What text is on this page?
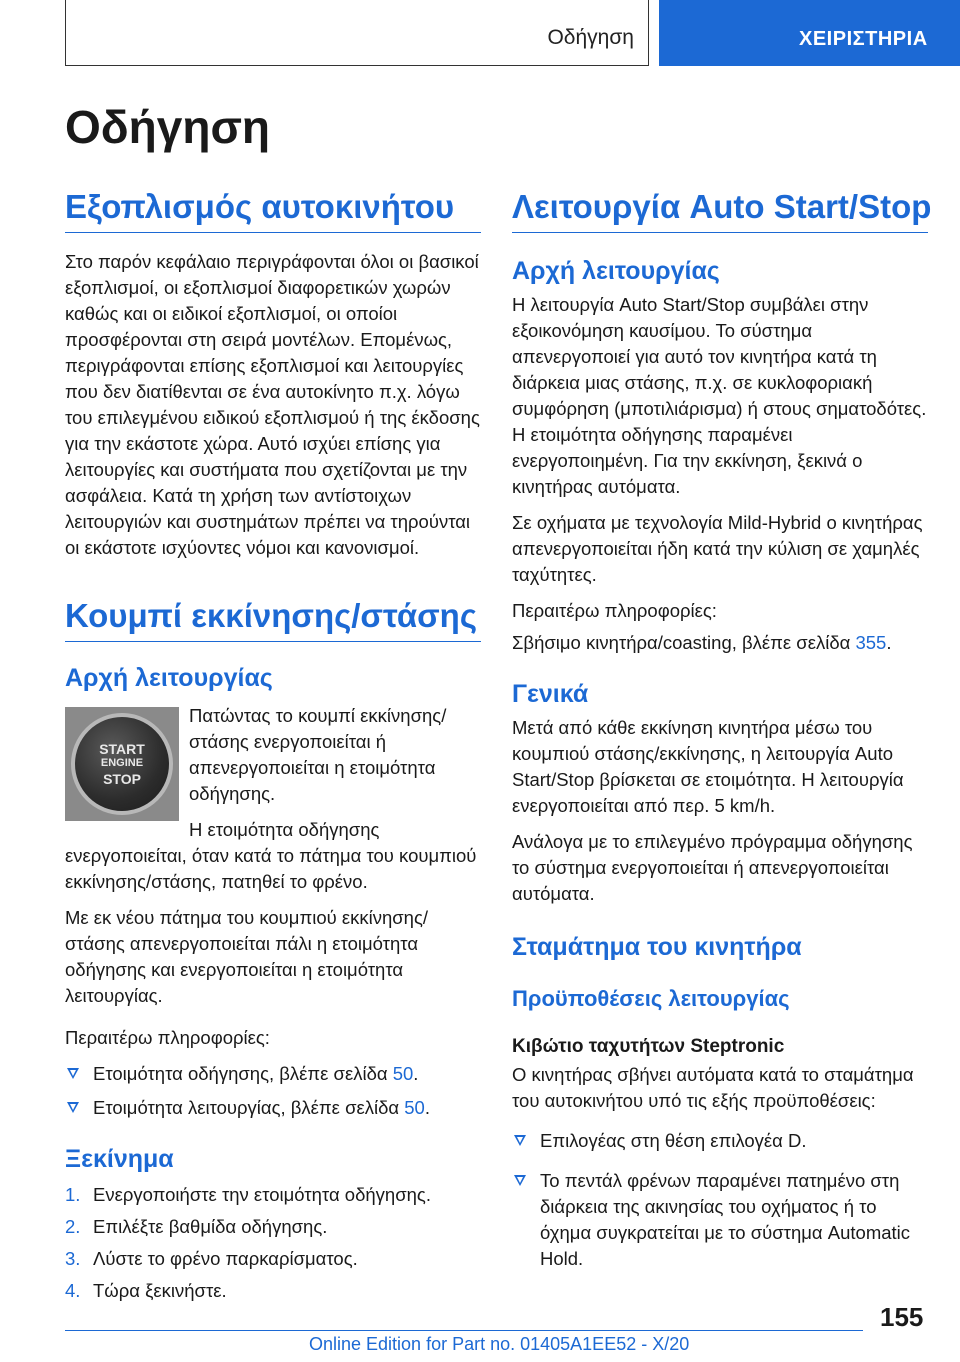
Οδήγηση	ΧΕΙΡΙΣΤΗΡΙΑ
Οδήγηση
Εξοπλισμός αυτοκινήτου

Στο παρόν κεφάλαιο περιγράφονται όλοι οι βασικοί εξοπλισμοί, οι εξοπλισμοί διαφορετικών χωρών καθώς και οι ειδικοί εξοπλισμοί, οι οποίοι προσφέρονται στη σειρά μοντέλων. Επομένως, περιγράφονται επίσης εξοπλισμοί και λειτουργίες που δεν διατίθενται σε ένα αυτοκίνητο π.χ. λόγω του επιλεγμένου ειδικού εξοπλισμού ή της έκδοσης για την εκάστοτε χώρα. Αυτό ισχύει επίσης για λειτουργίες και συστήματα που σχετίζονται με την ασφάλεια. Κατά τη χρήση των αντίστοιχων λειτουργιών και συστημάτων πρέπει να τηρούνται οι εκάστοτε ισχύοντες νόμοι και κανονισμοί.

Κουμπί εκκίνησης/στάσης
Αρχή λειτουργίας
START
ENGINE
STOP

Πατώντας το κουμπί εκκίνησης/στάσης ενεργοποιείται ή απενεργοποιείται η ετοιμότητα οδήγησης.

Η ετοιμότητα οδήγησης ενεργοποιείται, όταν κατά το πάτημα του κουμπιού εκκίνησης/στάσης, πατηθεί το φρένο.

Με εκ νέου πάτημα του κουμπιού εκκίνησης/στάσης απενεργοποιείται πάλι η ετοιμότητα οδήγησης και ενεργοποιείται η ετοιμότητα λειτουργίας.

Περαιτέρω πληροφορίες:

Ετοιμότητα οδήγησης, βλέπε σελίδα 50.
Ετοιμότητα λειτουργίας, βλέπε σελίδα 50.
Ξεκίνημα
1. Ενεργοποιήστε την ετοιμότητα οδήγησης.
2. Επιλέξτε βαθμίδα οδήγησης.
3. Λύστε το φρένο παρκαρίσματος.
4. Τώρα ξεκινήστε.
Λειτουργία Auto Start/Stop
Αρχή λειτουργίας

Η λειτουργία Auto Start/Stop συμβάλει στην εξοικονόμηση καυσίμου. Το σύστημα απενεργοποιεί για αυτό τον κινητήρα κατά τη διάρκεια μιας στάσης, π.χ. σε κυκλοφοριακή συμφόρηση (μποτιλιάρισμα) ή στους σηματοδότες. Η ετοιμότητα οδήγησης παραμένει ενεργοποιημένη. Για την εκκίνηση, ξεκινά ο κινητήρας αυτόματα.

Σε οχήματα με τεχνολογία Mild-Hybrid ο κινητήρας απενεργοποιείται ήδη κατά την κύλιση σε χαμηλές ταχύτητες.

Περαιτέρω πληροφορίες:

Σβήσιμο κινητήρα/coasting, βλέπε σελίδα 355.

Γενικά

Μετά από κάθε εκκίνηση κινητήρα μέσω του κουμπιού στάσης/εκκίνησης, η λειτουργία Auto Start/Stop βρίσκεται σε ετοιμότητα. Η λειτουργία ενεργοποιείται από περ. 5 km/h.

Ανάλογα με το επιλεγμένο πρόγραμμα οδήγησης το σύστημα ενεργοποιείται ή απενεργοποιείται αυτόματα.

Σταμάτημα του κινητήρα
Προϋποθέσεις λειτουργίας
Κιβώτιο ταχυτήτων Steptronic

Ο κινητήρας σβήνει αυτόματα κατά το σταμάτημα του αυτοκινήτου υπό τις εξής προϋποθέσεις:

Επιλογέας στη θέση επιλογέα D.
Το πεντάλ φρένων παραμένει πατημένο στη διάρκεια της ακινησίας του οχήματος ή το όχημα συγκρατείται με το σύστημα Automatic Hold.
155
Online Edition for Part no. 01405A1EE52 - X/20
